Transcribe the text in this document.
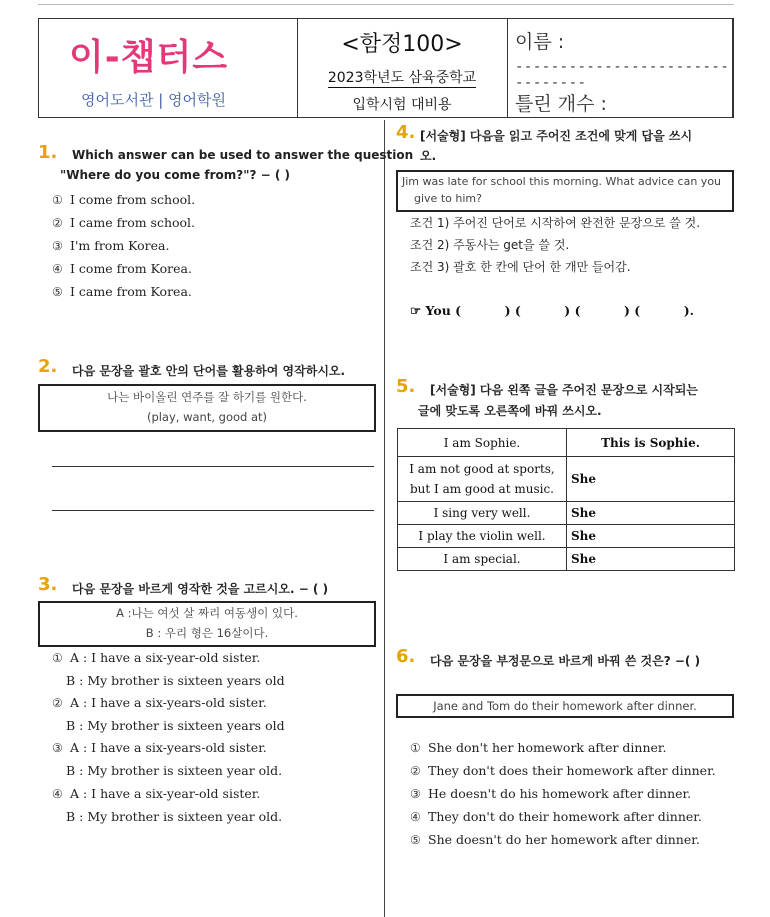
이-챕터스
영어도서관 | 영어학원
<함정100>
2023학년도 삼육중학교
입학시험 대비용
이름 :
--------------------------------
틀린 개수 :
1. Which answer can be used to answer the question
"Where do you come from?"? − ( )
① I come from school.
② I came from school.
③ I'm from Korea.
④ I come from Korea.
⑤ I came from Korea.
2. 다음 문장을 괄호 안의 단어를 활용하여 영작하시오.
나는 바이올린 연주를 잘 하기를 원한다.
(play, want, good at)
3. 다음 문장을 바르게 영작한 것을 고르시오. − ( )
A :나는 여섯 살 짜리 여동생이 있다.
B : 우리 형은 16살이다.
① A : I have a six-year-old sister.
B : My brother is sixteen years old
② A : I have a six-years-old sister.
B : My brother is sixteen years old
③ A : I have a six-years-old sister.
B : My brother is sixteen year old.
④ A : I have a six-year-old sister.
B : My brother is sixteen year old.
4. [서술형] 다음을 읽고 주어진 조건에 맞게 답을 쓰시
오.
Jim was late for school this morning. What advice can you
give to him?
조건 1) 주어진 단어로 시작하여 완전한 문장으로 쓸 것.
조건 2) 주동사는 get을 쓸 것.
조건 3) 괄호 한 칸에 단어 한 개만 들어감.
☞ You (          ) (          ) (          ) (          ).
5. [서술형] 다음 왼쪽 글을 주어진 문장으로 시작되는
글에 맞도록 오른쪽에 바꿔 쓰시오.
I am Sophie.	This is Sophie.
I am not good at sports, but I am good at music.	She
I sing very well.	She
I play the violin well.	She
I am special.	She
6. 다음 문장을 부정문으로 바르게 바꿔 쓴 것은? −( )
Jane and Tom do their homework after dinner.
① She don't her homework after dinner.
② They don't does their homework after dinner.
③ He doesn't do his homework after dinner.
④ They don't do their homework after dinner.
⑤ She doesn't do her homework after dinner.
